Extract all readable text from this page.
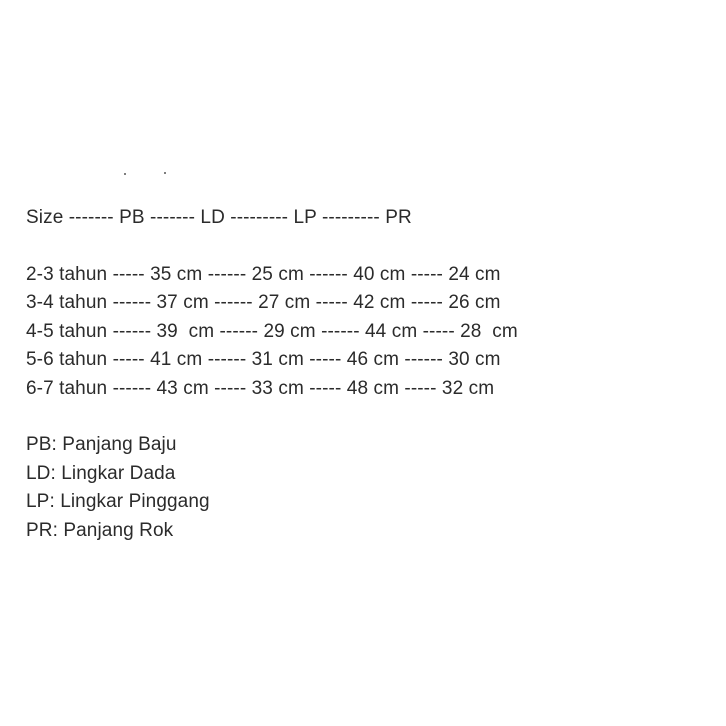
Size ------- PB ------- LD --------- LP --------- PR
2-3 tahun ----- 35 cm ------ 25 cm ------ 40 cm ----- 24 cm
3-4 tahun ------ 37 cm ------ 27 cm ----- 42 cm ----- 26 cm
4-5 tahun ------ 39  cm ------ 29 cm ------ 44 cm ----- 28  cm
5-6 tahun ----- 41 cm ------ 31 cm ----- 46 cm ------ 30 cm
6-7 tahun ------ 43 cm ----- 33 cm ----- 48 cm ----- 32 cm
PB: Panjang Baju
LD: Lingkar Dada
LP: Lingkar Pinggang
PR: Panjang Rok
